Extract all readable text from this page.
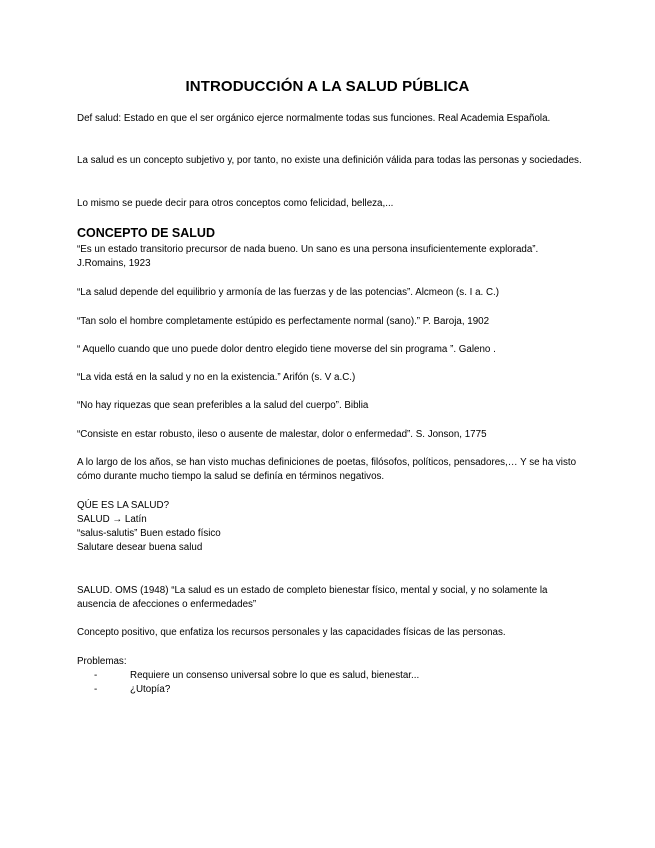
INTRODUCCIÓN A LA SALUD PÚBLICA

Def salud: Estado en que el ser orgánico ejerce normalmente todas sus funciones. Real Academia Española.

La salud es un concepto subjetivo y, por tanto, no existe una definición válida para todas las personas y sociedades.

Lo mismo se puede decir para otros conceptos como felicidad, belleza,...

CONCEPTO DE SALUD

“Es un estado transitorio precursor de nada bueno. Un sano es una persona insuficientemente explorada”. J.Romains, 1923

“La salud depende del equilibrio y armonía de las fuerzas y de las potencias”. Alcmeon (s. I a. C.)

“Tan solo el hombre completamente estúpido es perfectamente normal (sano).” P. Baroja, 1902

“ Aquello cuando que uno puede dolor dentro elegido tiene moverse del sin programa ”. Galeno .

“La vida está en la salud y no en la existencia.” Arifón (s. V a.C.)

“No hay riquezas que sean preferibles a la salud del cuerpo”. Biblia

“Consiste en estar robusto, ileso o ausente de malestar, dolor o enfermedad”. S. Jonson, 1775

A lo largo de los años, se han visto muchas definiciones de poetas, filósofos, políticos, pensadores,… Y se ha visto cómo durante mucho tiempo la salud se definía en términos negativos.

QÚE ES LA SALUD?

SALUD → Latín

“salus-salutis” Buen estado físico

Salutare desear buena salud

SALUD. OMS (1948) “La salud es un estado de completo bienestar físico, mental y social, y no solamente la ausencia de afecciones o enfermedades”

Concepto positivo, que enfatiza los recursos personales y las capacidades físicas de las personas.

Problemas:

-	Requiere un consenso universal sobre lo que es salud, bienestar...
-	¿Utopía?
